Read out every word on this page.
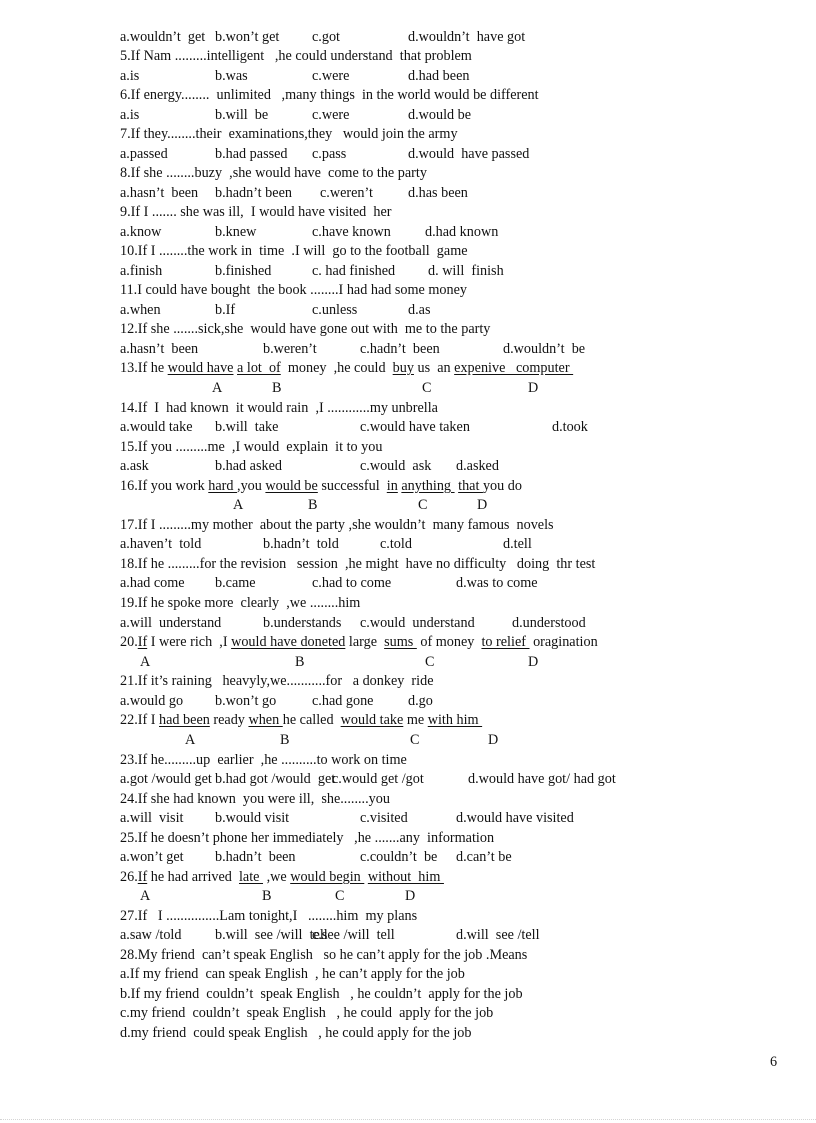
a.wouldn’t  get b.won’t get c.got	d.wouldn’t  have got
5.If Nam .........intelligent   ,he could understand  that problem
a.is	b.was	c.were	d.had been
6.If energy........  unlimited   ,many things  in the world would be different
a.is	b.will  be	c.were	d.would be
7.If they........their  examinations,they   would join the army
a.passed	b.had passed c.pass	d.would  have passed
8.If she ........buzy  ,she would have  come to the party
a.hasn’t  been b.hadn’t been c.weren’t d.has been
9.If I ....... she was ill,  I would have visited  her
a.know	b.knew	c.have known d.had known
10.If I ........the work in  time  .I will  go to the football  game
a.finish	b.finished	c. had finished d. will  finish
11.I could have bought  the book ........I had had some money
a.when	b.If	c.unless	d.as
12.If she .......sick,she  would have gone out with  me to the party
a.hasn’t  been	b.weren’t	c.hadn’t  been	d.wouldn’t  be
13.If he would have a lot  of  money  ,he could  buy us  an expenive   computer
A	B	C	D
14.If  I  had known  it would rain  ,I ............my unbrella
a.would take b.will  take	c.would have taken	d.took
15.If you .........me  ,I would  explain  it to you
a.ask	b.had asked	c.would  ask d.asked
16.If you work hard ,you would be successful  in anything  that you do
A	B	C	D
17.If I .........my mother  about the party ,she wouldn’t  many famous  novels
a.haven’t  told	b.hadn’t  told	c.told	d.tell
18.If he .........for the revision   session  ,he might  have no difficulty   doing  thr test
a.had come b.came	c.had to come	d.was to come
19.If he spoke more  clearly  ,we ........him
a.will  understand	b.understands c.would  understand	d.understood
20.If I were rich  ,I would have doneted large  sums  of money  to relief  oragination
A	B	C	D
21.If it’s raining   heavyly,we...........for   a donkey  ride
a.would go b.won’t go	c.had gone d.go
22.If I had been ready when he called  would take me with him
A	B	C	D
23.If he.........up  earlier  ,he ..........to work on time
a.got /would get b.had got /would  get
c.would get /got	d.would have got/ had got
24.If she had known  you were ill,  she........you
a.will  visit b.would visit	c.visited	d.would have visited
25.If he doesn’t phone her immediately   ,he .......any  information
a.won’t get b.hadn’t  been	c.couldn’t  be d.can’t be
26.If he had arrived  late  ,we would begin  without  him
A	B	C	D
27.If   I ...............Lam tonight,I   ........him  my plans
a.saw /told b.will  see /will  tell
c.see /will  tell	d.will  see /tell
28.My friend  can’t speak English   so he can’t apply for the job .Means
a.If my friend  can speak English  , he can’t apply for the job
b.If my friend  couldn’t  speak English   , he couldn’t  apply for the job
c.my friend  couldn’t  speak English   , he could  apply for the job
d.my friend  could speak English   , he could apply for the job
6
